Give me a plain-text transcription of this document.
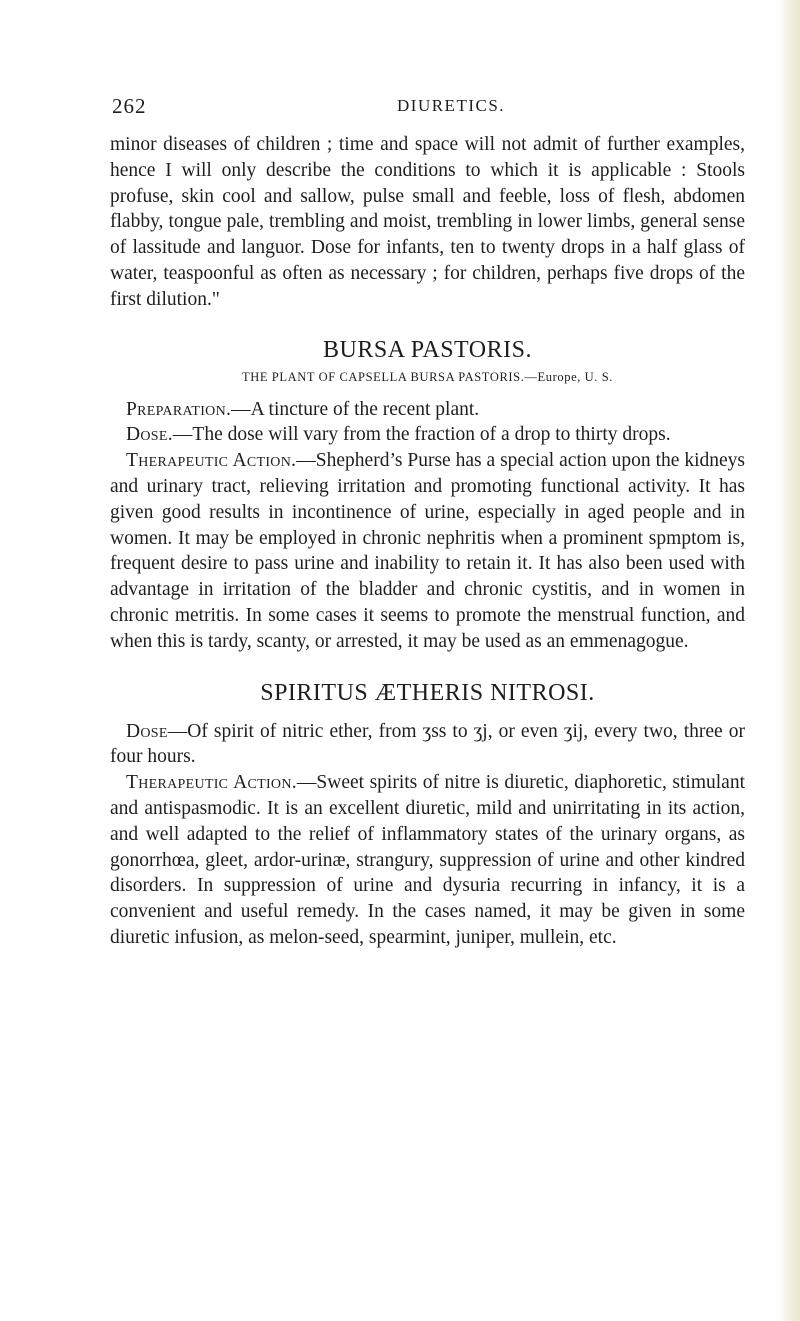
262	DIURETICS.

minor diseases of children ; time and space will not admit of further examples, hence I will only describe the conditions to which it is applicable : Stools profuse, skin cool and sallow, pulse small and feeble, loss of flesh, abdomen flabby, tongue pale, trembling and moist, trembling in lower limbs, general sense of lassitude and languor. Dose for infants, ten to twenty drops in a half glass of water, teaspoonful as often as necessary ; for children, perhaps five drops of the first dilution."

BURSA PASTORIS.
THE PLANT OF CAPSELLA BURSA PASTORIS.—Europe, U. S.

Preparation.—A tincture of the recent plant.

Dose.—The dose will vary from the fraction of a drop to thirty drops.

Therapeutic Action.—Shepherd’s Purse has a special action upon the kidneys and urinary tract, relieving irritation and promoting functional activity. It has given good results in incontinence of urine, especially in aged people and in women. It may be employed in chronic nephritis when a prominent spmptom is, frequent desire to pass urine and inability to retain it. It has also been used with advantage in irritation of the bladder and chronic cystitis, and in women in chronic metritis. In some cases it seems to promote the menstrual function, and when this is tardy, scanty, or arrested, it may be used as an emmenagogue.

SPIRITUS ÆTHERIS NITROSI.

Dose—Of spirit of nitric ether, from ʒss to ʒj, or even ʒij, every two, three or four hours.

Therapeutic Action.—Sweet spirits of nitre is diuretic, diaphoretic, stimulant and antispasmodic. It is an excellent diuretic, mild and unirritating in its action, and well adapted to the relief of inflammatory states of the urinary organs, as gonorrhœa, gleet, ardor-urinæ, strangury, suppression of urine and other kindred disorders. In suppression of urine and dysuria recurring in infancy, it is a convenient and useful remedy. In the cases named, it may be given in some diuretic infusion, as melon-seed, spearmint, juniper, mullein, etc.
